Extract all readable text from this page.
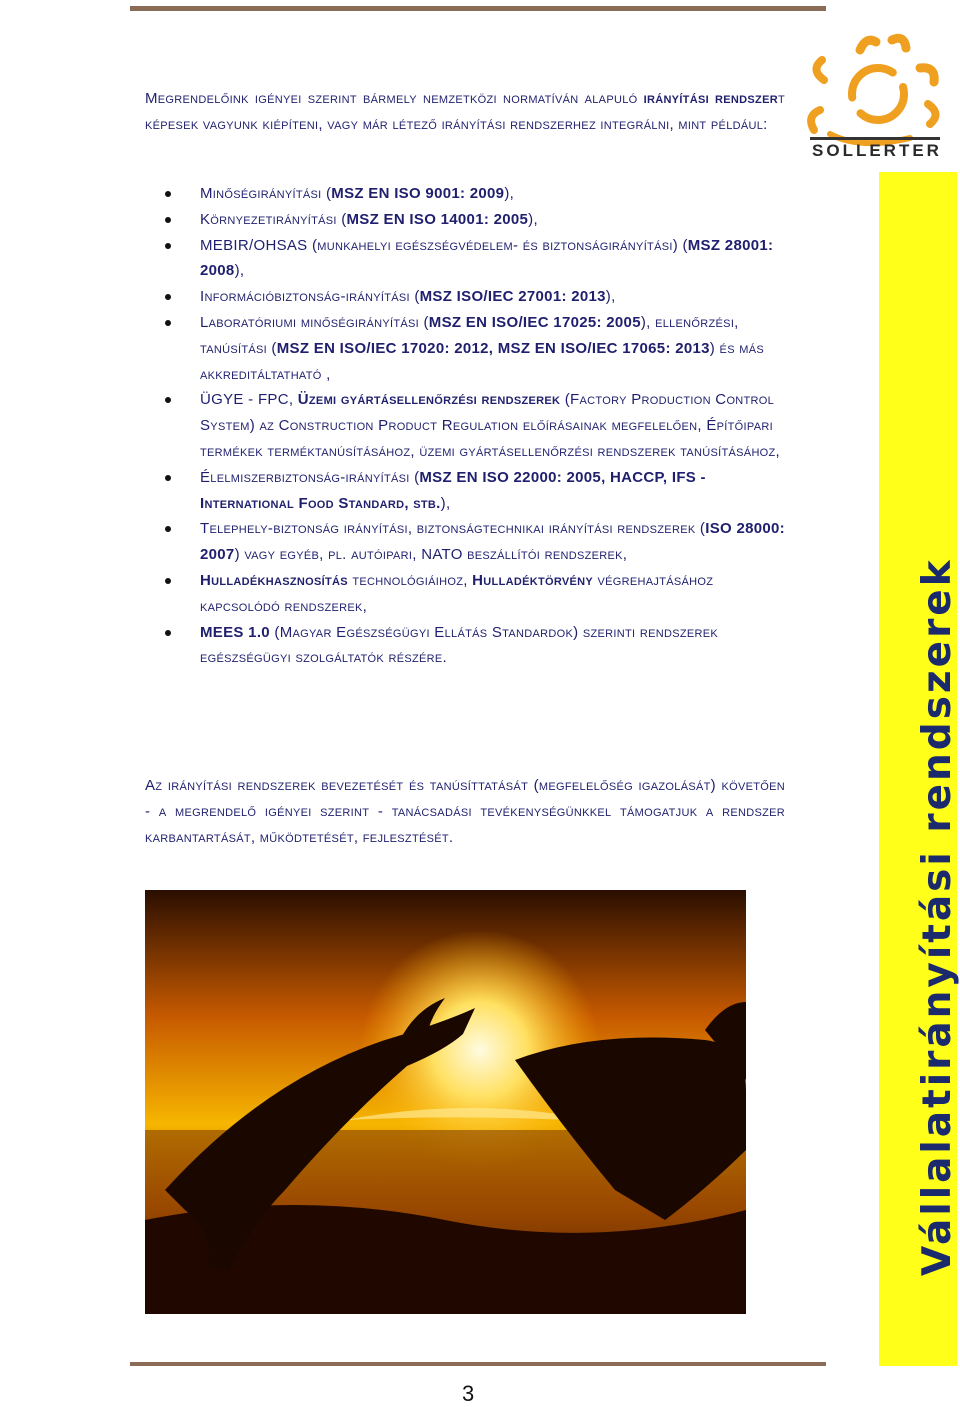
SOLLERTER
Vállalatirányítási rendszerek
Megrendelőink igényei szerint bármely nemzetközi normatíván alapuló irányítási rendszert képesek vagyunk kiépíteni, vagy már létező irányítási rendszerhez integrálni, mint például:
Minőségirányítási (MSZ EN ISO 9001: 2009),
Környezetirányítási (MSZ EN ISO 14001: 2005),
MEBIR/OHSAS (munkahelyi egészségvédelem- és biztonságirányítási) (MSZ 28001: 2008),
Információbiztonság-irányítási (MSZ ISO/IEC 27001: 2013),
Laboratóriumi minőségirányítási (MSZ EN ISO/IEC 17025: 2005), ellenőrzési, tanúsítási (MSZ EN ISO/IEC 17020: 2012, MSZ EN ISO/IEC 17065: 2013) és más akkreditáltatható ,
ÜGYE - FPC, Üzemi gyártásellenőrzési rendszerek (Factory Production Control System) az Construction Product Regulation előírásainak megfelelően, Építőipari termékek terméktanúsításához, üzemi gyártásellenőrzési rendszerek tanúsításához,
Élelmiszerbiztonság-irányítási (MSZ EN ISO 22000: 2005, HACCP, IFS - International Food Standard, stb.),
Telephely-biztonság irányítási, biztonságtechnikai irányítási rendszerek (ISO 28000: 2007) vagy egyéb, pl. autóipari, NATO beszállítói rendszerek,
Hulladékhasznosítás technológiáihoz, Hulladéktörvény végrehajtásához kapcsolódó rendszerek,
MEES 1.0 (Magyar Egészségügyi Ellátás Standardok) szerinti rendszerek egészségügyi szolgáltatók részére.
Az irányítási rendszerek bevezetését és tanúsíttatását (megfelelőség igazolását) követően - a megrendelő igényei szerint - tanácsadási tevékenységünkkel támogatjuk a rendszer karbantartását, működtetését, fejlesztését.
3
